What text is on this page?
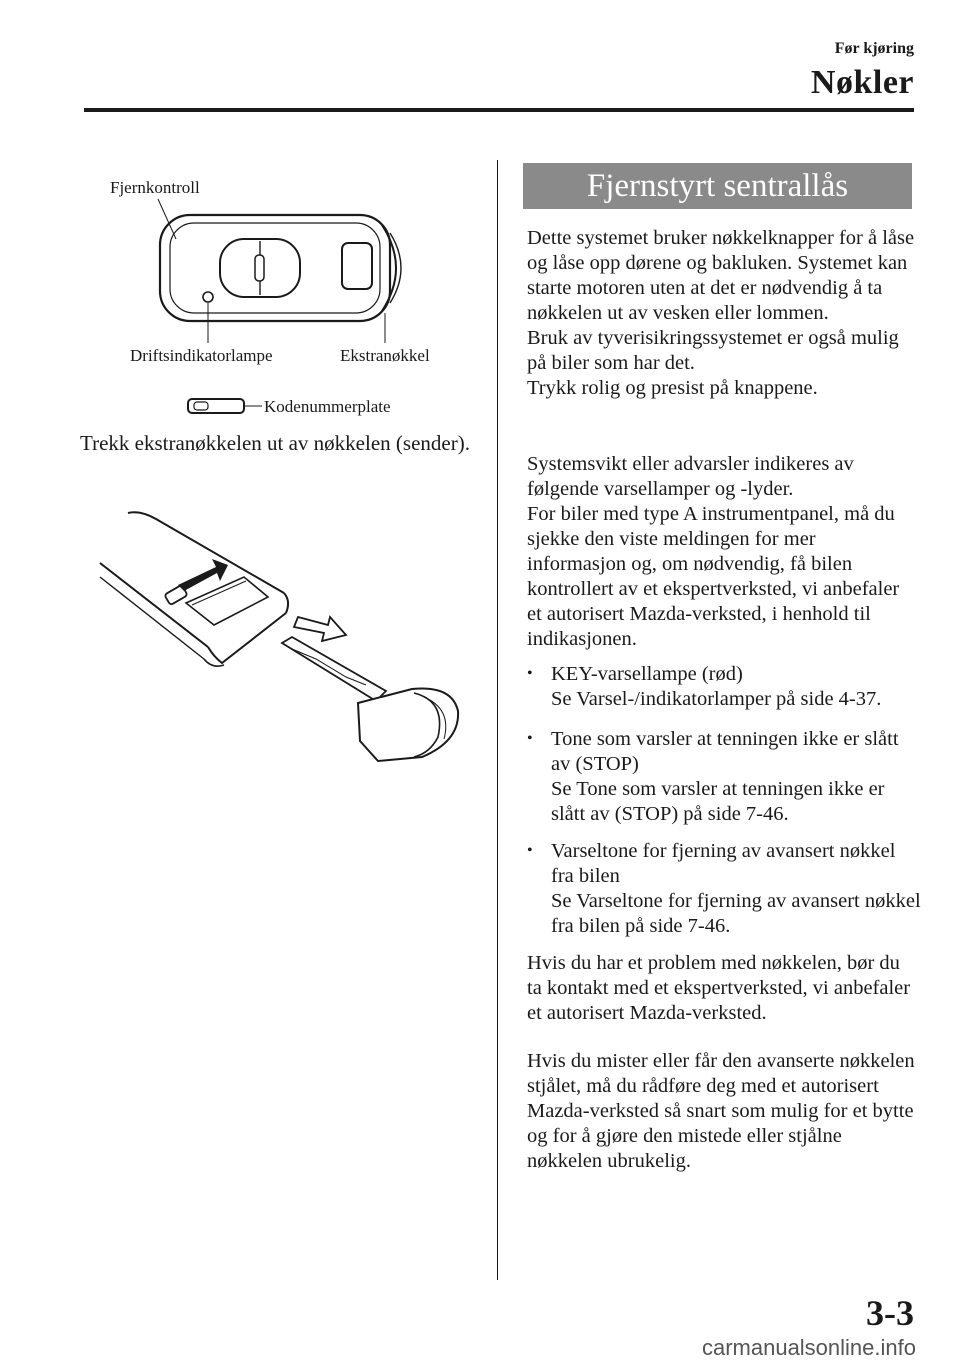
Før kjøring
Nøkler
Fjernkontroll
Driftsindikatorlampe	Ekstranøkkel
Kodenummerplate
Trekk ekstranøkkelen ut av nøkkelen (sender).
Fjernstyrt sentrallås

Dette systemet bruker nøkkelknapper for å låse og låse opp dørene og bakluken. Systemet kan starte motoren uten at det er nødvendig å ta nøkkelen ut av vesken eller lommen.

Bruk av tyverisikringssystemet er også mulig på biler som har det.

Trykk rolig og presist på knappene.

Systemsvikt eller advarsler indikeres av følgende varsellamper og -lyder.

For biler med type A instrumentpanel, må du sjekke den viste meldingen for mer informasjon og, om nødvendig, få bilen kontrollert av et ekspertverksted, vi anbefaler et autorisert Mazda-verksted, i henhold til indikasjonen.

• KEY-varsellampe (rød)

Se Varsel-/indikatorlamper på side 4-37.

• Tone som varsler at tenningen ikke er slått av (STOP)

Se Tone som varsler at tenningen ikke er slått av (STOP) på side 7-46.

• Varseltone for fjerning av avansert nøkkel fra bilen

Se Varseltone for fjerning av avansert nøkkel fra bilen på side 7-46.

Hvis du har et problem med nøkkelen, bør du ta kontakt med et ekspertverksted, vi anbefaler et autorisert Mazda-verksted.
Hvis du mister eller får den avanserte nøkkelen stjålet, må du rådføre deg med et autorisert Mazda-verksted så snart som mulig for et bytte og for å gjøre den mistede eller stjålne nøkkelen ubrukelig.
3-3
carmanualsonline.info
